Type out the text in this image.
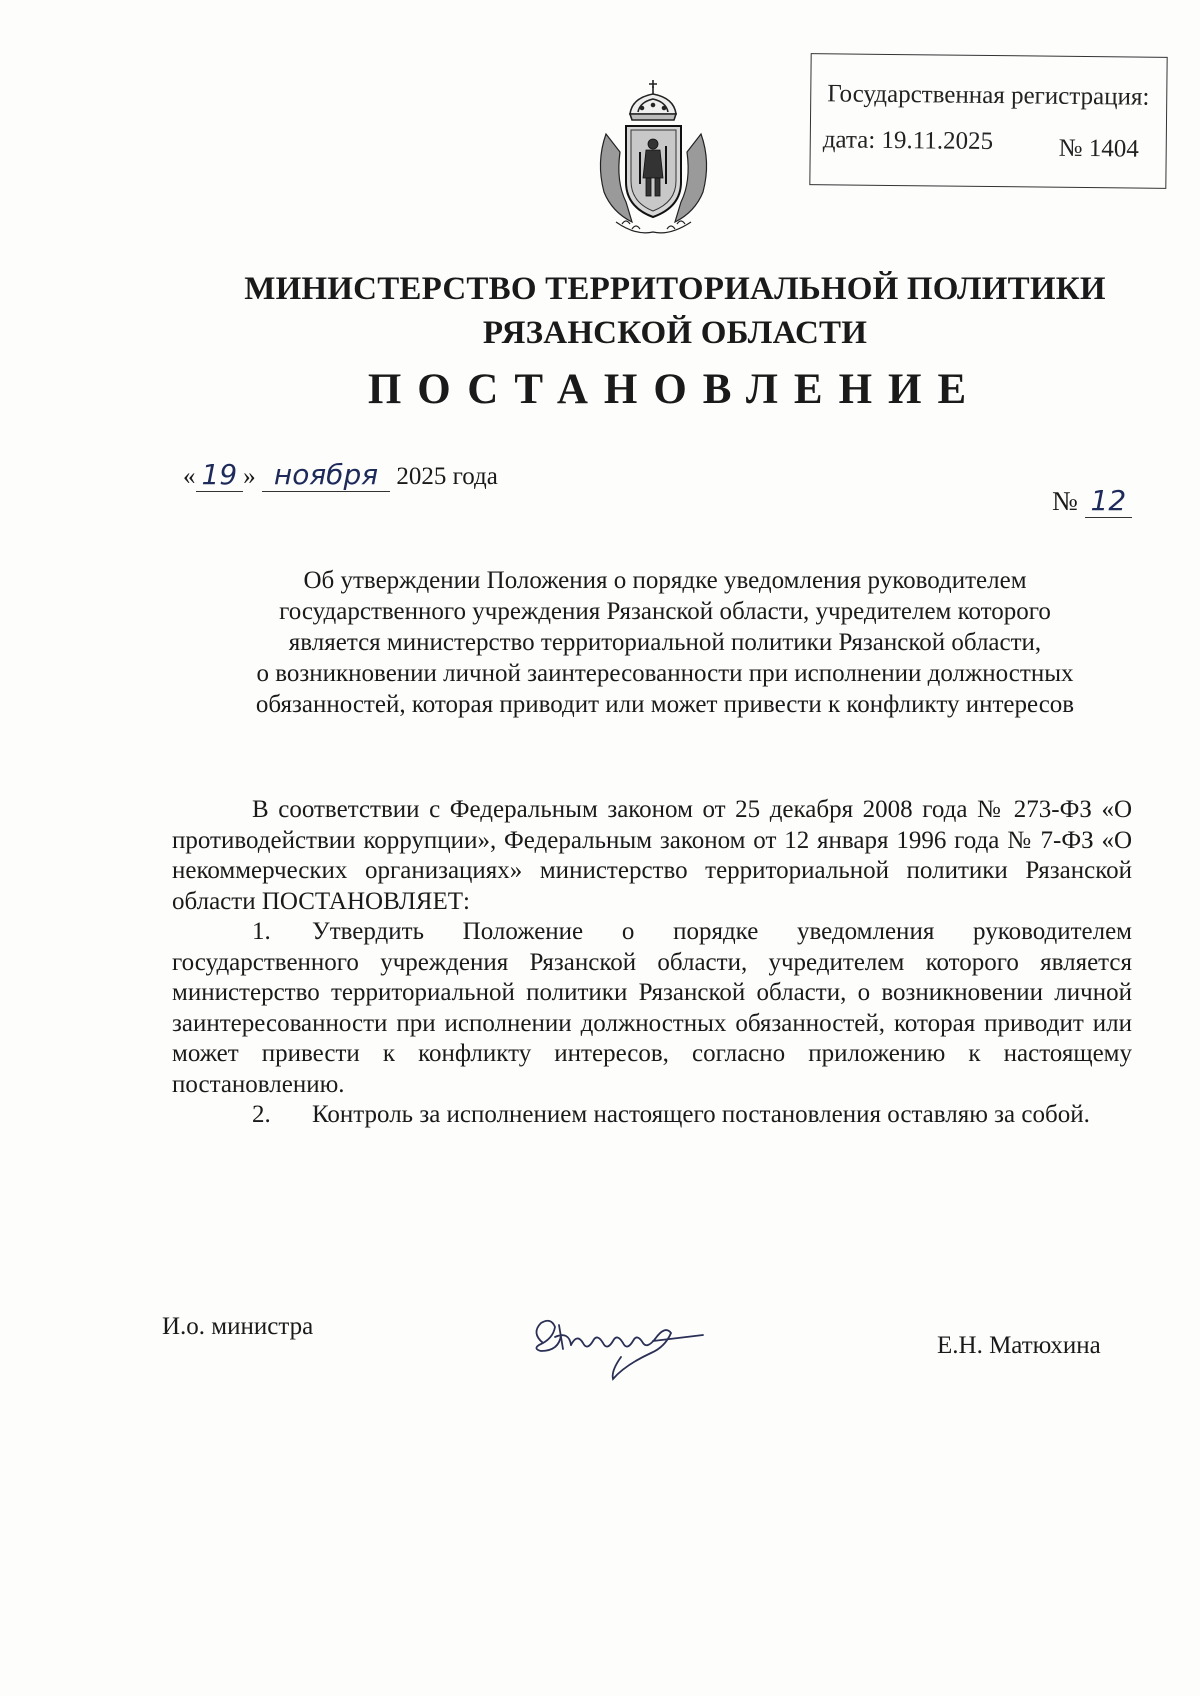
Государственная регистрация:
дата: 19.11.2025	№ 1404
МИНИСТЕРСТВО ТЕРРИТОРИАЛЬНОЙ ПОЛИТИКИ
РЯЗАНСКОЙ ОБЛАСТИ
ПОСТАНОВЛЕНИЕ
« 19 » ноября 2025 года
№ 12
Об утверждении Положения о порядке уведомления руководителем
государственного учреждения Рязанской области, учредителем которого
является министерство территориальной политики Рязанской области,
о возникновении личной заинтересованности при исполнении должностных
обязанностей, которая приводит или может привести к конфликту интересов

В соответствии с Федеральным законом от 25 декабря 2008 года № 273-ФЗ «О противодействии коррупции», Федеральным законом от 12 января 1996 года № 7-ФЗ «О некоммерческих организациях» министерство территориальной политики Рязанской области ПОСТАНОВЛЯЕТ:

1. Утвердить Положение о порядке уведомления руководителем государственного учреждения Рязанской области, учредителем которого является министерство территориальной политики Рязанской области, о возникновении личной заинтересованности при исполнении должностных обязанностей, которая приводит или может привести к конфликту интересов, согласно приложению к настоящему постановлению.

2. Контроль за исполнением настоящего постановления оставляю за собой.

И.о. министра
Е.Н. Матюхина
